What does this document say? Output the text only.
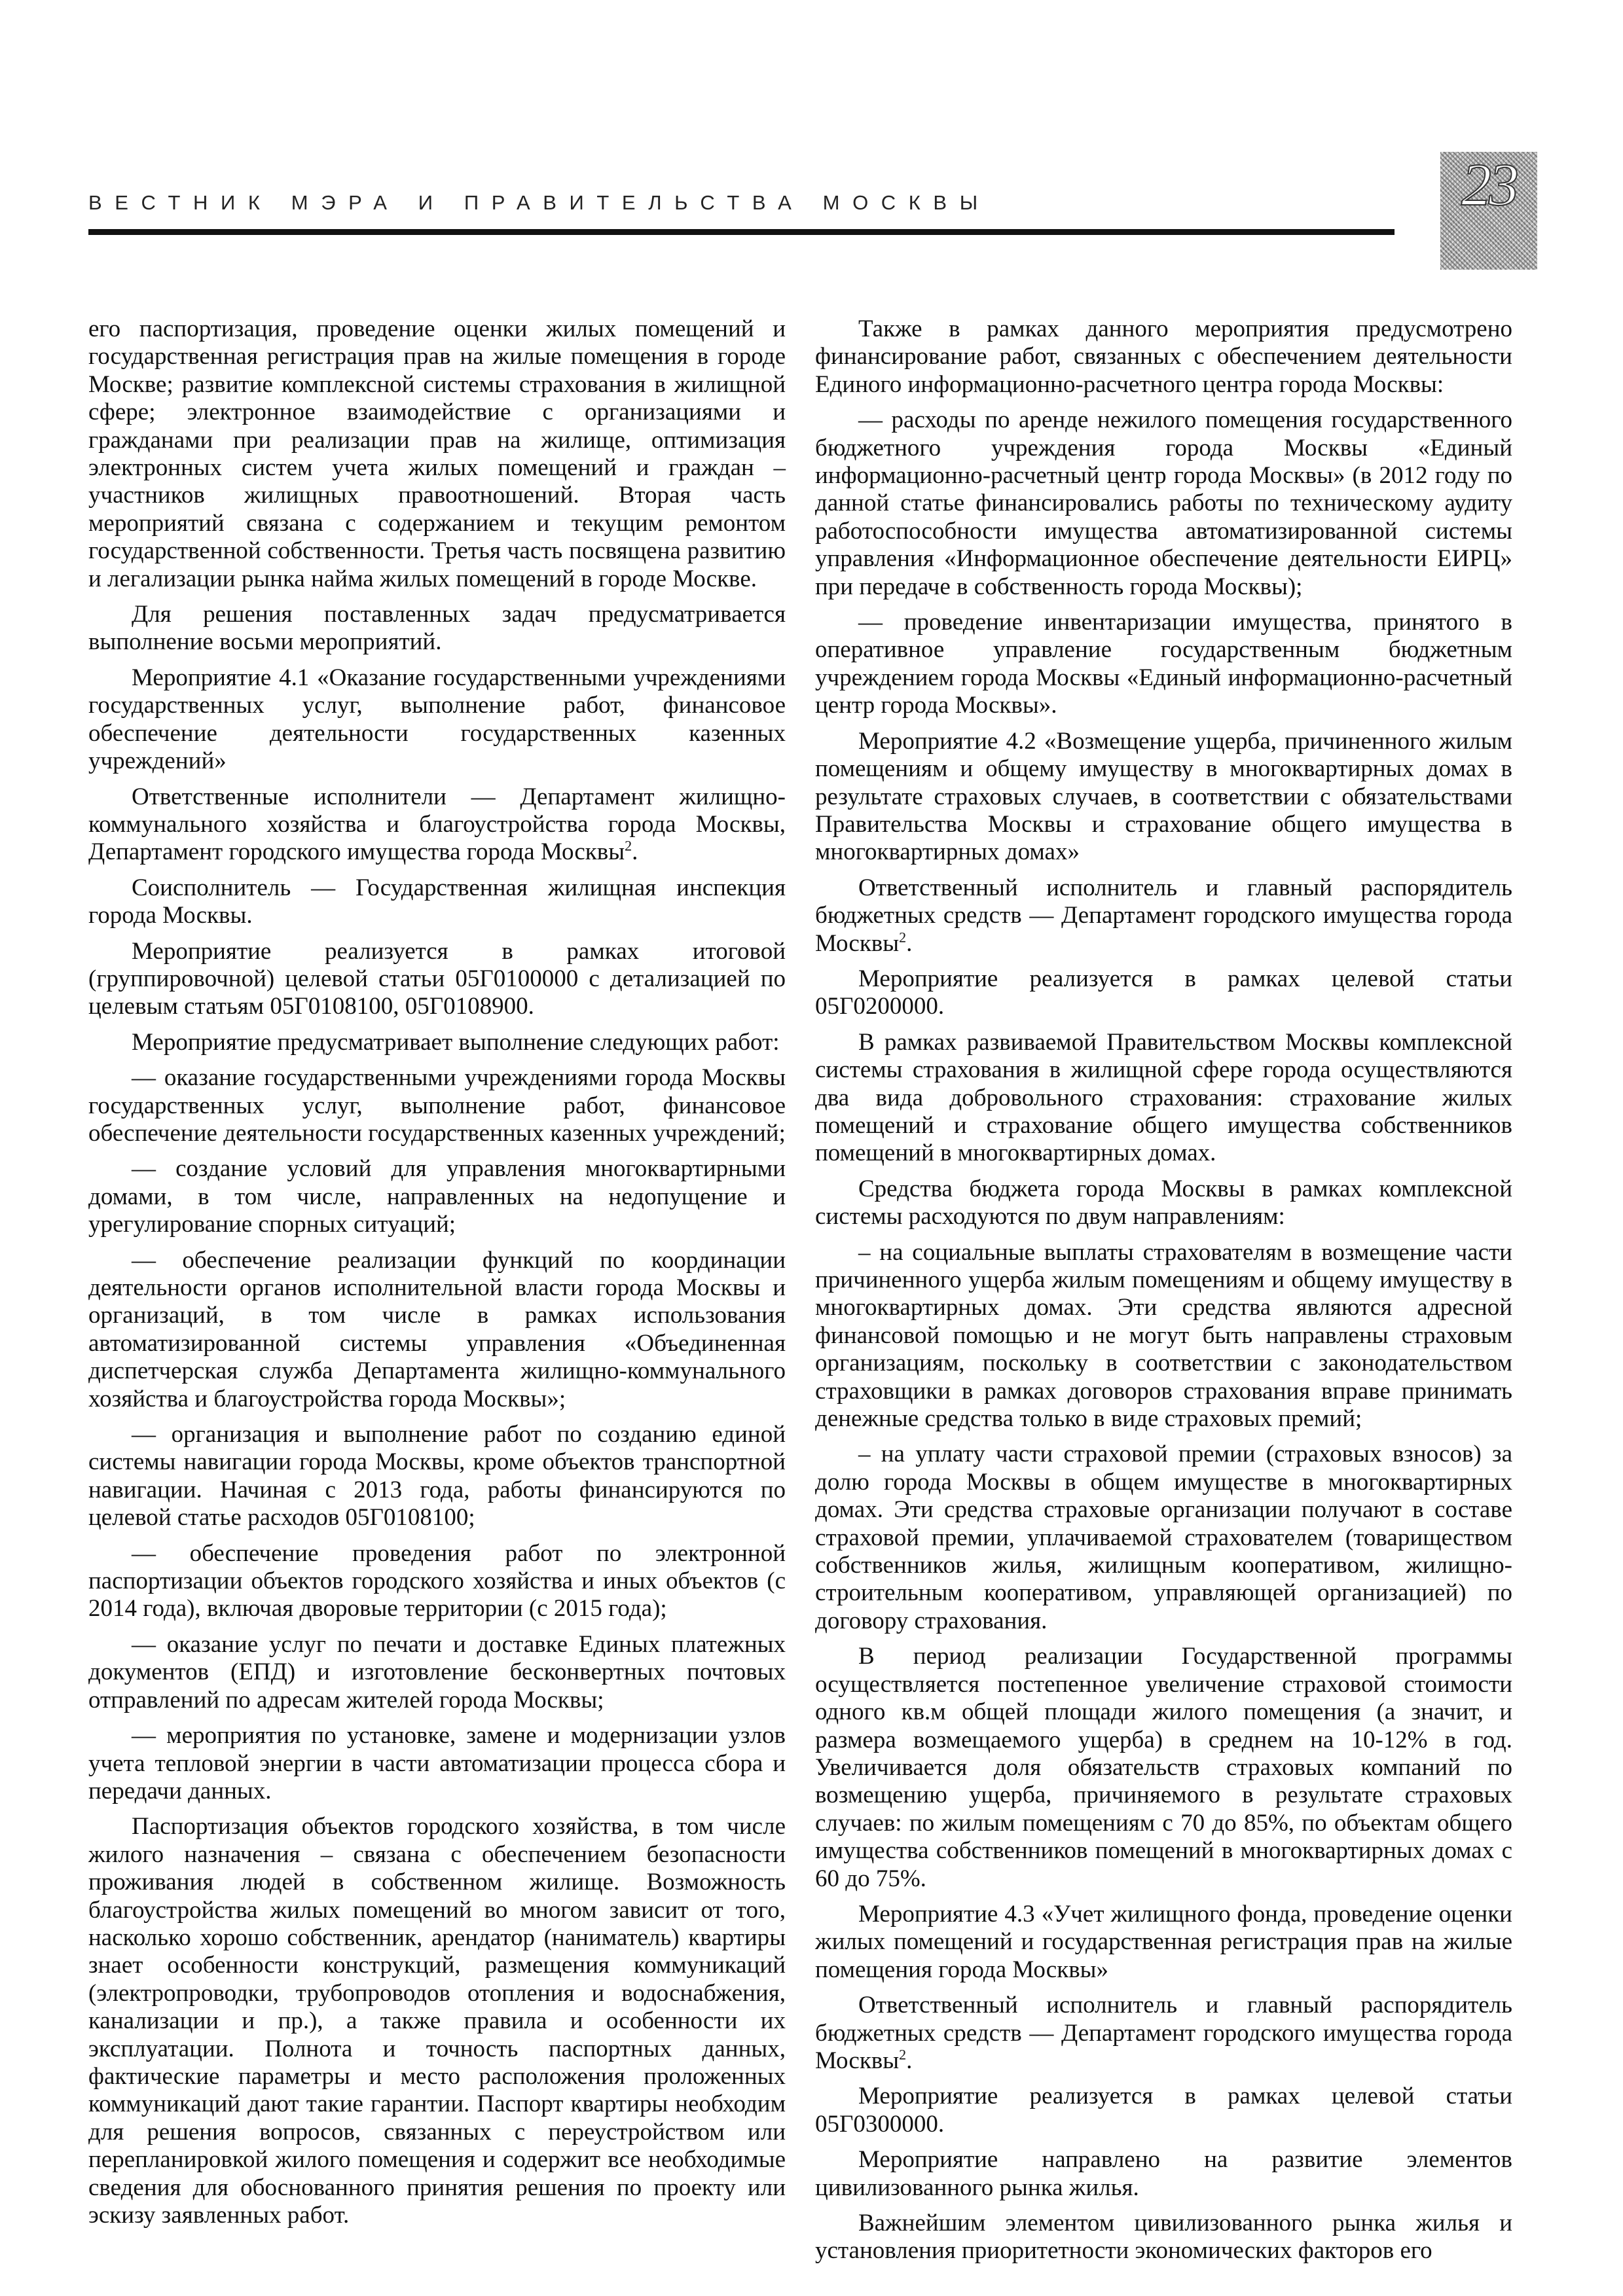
ВЕСТНИК МЭРА И ПРАВИТЕЛЬСТВА МОСКВЫ	23

его паспортизация, проведение оценки жилых помещений и государственная регистрация прав на жилые помещения в городе Москве; развитие комплексной системы страхования в жилищной сфере; электронное взаимодействие с организациями и гражданами при реализации прав на жилище, оптимизация электронных систем учета жилых помещений и граждан – участников жилищных правоотношений. Вторая часть мероприятий связана с содержанием и текущим ремонтом государственной собственности. Третья часть посвящена развитию и легализации рынка найма жилых помещений в городе Москве.

Для решения поставленных задач предусматривается выполнение восьми мероприятий.

Мероприятие 4.1 «Оказание государственными учреждениями государственных услуг, выполнение работ, финансовое обеспечение деятельности государственных казенных учреждений»

Ответственные исполнители — Департамент жилищно-коммунального хозяйства и благоустройства города Москвы, Департамент городского имущества города Москвы$^2$.

Соисполнитель — Государственная жилищная инспекция города Москвы.

Мероприятие реализуется в рамках итоговой (группировочной) целевой статьи 05Г0100000 с детализацией по целевым статьям 05Г0108100, 05Г0108900.

Мероприятие предусматривает выполнение следующих работ:

— оказание государственными учреждениями города Москвы государственных услуг, выполнение работ, финансовое обеспечение деятельности государственных казенных учреждений;

— создание условий для управления многоквартирными домами, в том числе, направленных на недопущение и урегулирование спорных ситуаций;

— обеспечение реализации функций по координации деятельности органов исполнительной власти города Москвы и организаций, в том числе в рамках использования автоматизированной системы управления «Объединенная диспетчерская служба Департамента жилищно-коммунального хозяйства и благоустройства города Москвы»;

— организация и выполнение работ по созданию единой системы навигации города Москвы, кроме объектов транспортной навигации. Начиная с 2013 года, работы финансируются по целевой статье расходов 05Г0108100;

— обеспечение проведения работ по электронной паспортизации объектов городского хозяйства и иных объектов (с 2014 года), включая дворовые территории (с 2015 года);

— оказание услуг по печати и доставке Единых платежных документов (ЕПД) и изготовление бесконвертных почтовых отправлений по адресам жителей города Москвы;

— мероприятия по установке, замене и модернизации узлов учета тепловой энергии в части автоматизации процесса сбора и передачи данных.

Паспортизация объектов городского хозяйства, в том числе жилого назначения – связана с обеспечением безопасности проживания людей в собственном жилище. Возможность благоустройства жилых помещений во многом зависит от того, насколько хорошо собственник, арендатор (наниматель) квартиры знает особенности конструкций, размещения коммуникаций (электропроводки, трубопроводов отопления и водоснабжения, канализации и пр.), а также правила и особенности их эксплуатации. Полнота и точность паспортных данных, фактические параметры и место расположения проложенных коммуникаций дают такие гарантии. Паспорт квартиры необходим для решения вопросов, связанных с переустройством или перепланировкой жилого помещения и содержит все необходимые сведения для обоснованного принятия решения по проекту или эскизу заявленных работ.

Также в рамках данного мероприятия предусмотрено финансирование работ, связанных с обеспечением деятельности Единого информационно-расчетного центра города Москвы:

— расходы по аренде нежилого помещения государственного бюджетного учреждения города Москвы «Единый информационно-расчетный центр города Москвы» (в 2012 году по данной статье финансировались работы по техническому аудиту работоспособности имущества автоматизированной системы управления «Информационное обеспечение деятельности ЕИРЦ» при передаче в собственность города Москвы);

— проведение инвентаризации имущества, принятого в оперативное управление государственным бюджетным учреждением города Москвы «Единый информационно-расчетный центр города Москвы».

Мероприятие 4.2 «Возмещение ущерба, причиненного жилым помещениям и общему имуществу в многоквартирных домах в результате страховых случаев, в соответствии с обязательствами Правительства Москвы и страхование общего имущества в многоквартирных домах»

Ответственный исполнитель и главный распорядитель бюджетных средств — Департамент городского имущества города Москвы$^2$.

Мероприятие реализуется в рамках целевой статьи 05Г0200000.

В рамках развиваемой Правительством Москвы комплексной системы страхования в жилищной сфере города осуществляются два вида добровольного страхования: страхование жилых помещений и страхование общего имущества собственников помещений в многоквартирных домах.

Средства бюджета города Москвы в рамках комплексной системы расходуются по двум направлениям:

– на социальные выплаты страхователям в возмещение части причиненного ущерба жилым помещениям и общему имуществу в многоквартирных домах. Эти средства являются адресной финансовой помощью и не могут быть направлены страховым организациям, поскольку в соответствии с законодательством страховщики в рамках договоров страхования вправе принимать денежные средства только в виде страховых премий;

– на уплату части страховой премии (страховых взносов) за долю города Москвы в общем имуществе в многоквартирных домах. Эти средства страховые организации получают в составе страховой премии, уплачиваемой страхователем (товариществом собственников жилья, жилищным кооперативом, жилищно-строительным кооперативом, управляющей организацией) по договору страхования.

В период реализации Государственной программы осуществляется постепенное увеличение страховой стоимости одного кв.м общей площади жилого помещения (а значит, и размера возмещаемого ущерба) в среднем на 10-12% в год. Увеличивается доля обязательств страховых компаний по возмещению ущерба, причиняемого в результате страховых случаев: по жилым помещениям с 70 до 85%, по объектам общего имущества собственников помещений в многоквартирных домах с 60 до 75%.

Мероприятие 4.3 «Учет жилищного фонда, проведение оценки жилых помещений и государственная регистрация прав на жилые помещения города Москвы»

Ответственный исполнитель и главный распорядитель бюджетных средств — Департамент городского имущества города Москвы$^2$.

Мероприятие реализуется в рамках целевой статьи 05Г0300000.

Мероприятие направлено на развитие элементов цивилизованного рынка жилья.

Важнейшим элементом цивилизованного рынка жилья и установления приоритетности экономических факторов его
